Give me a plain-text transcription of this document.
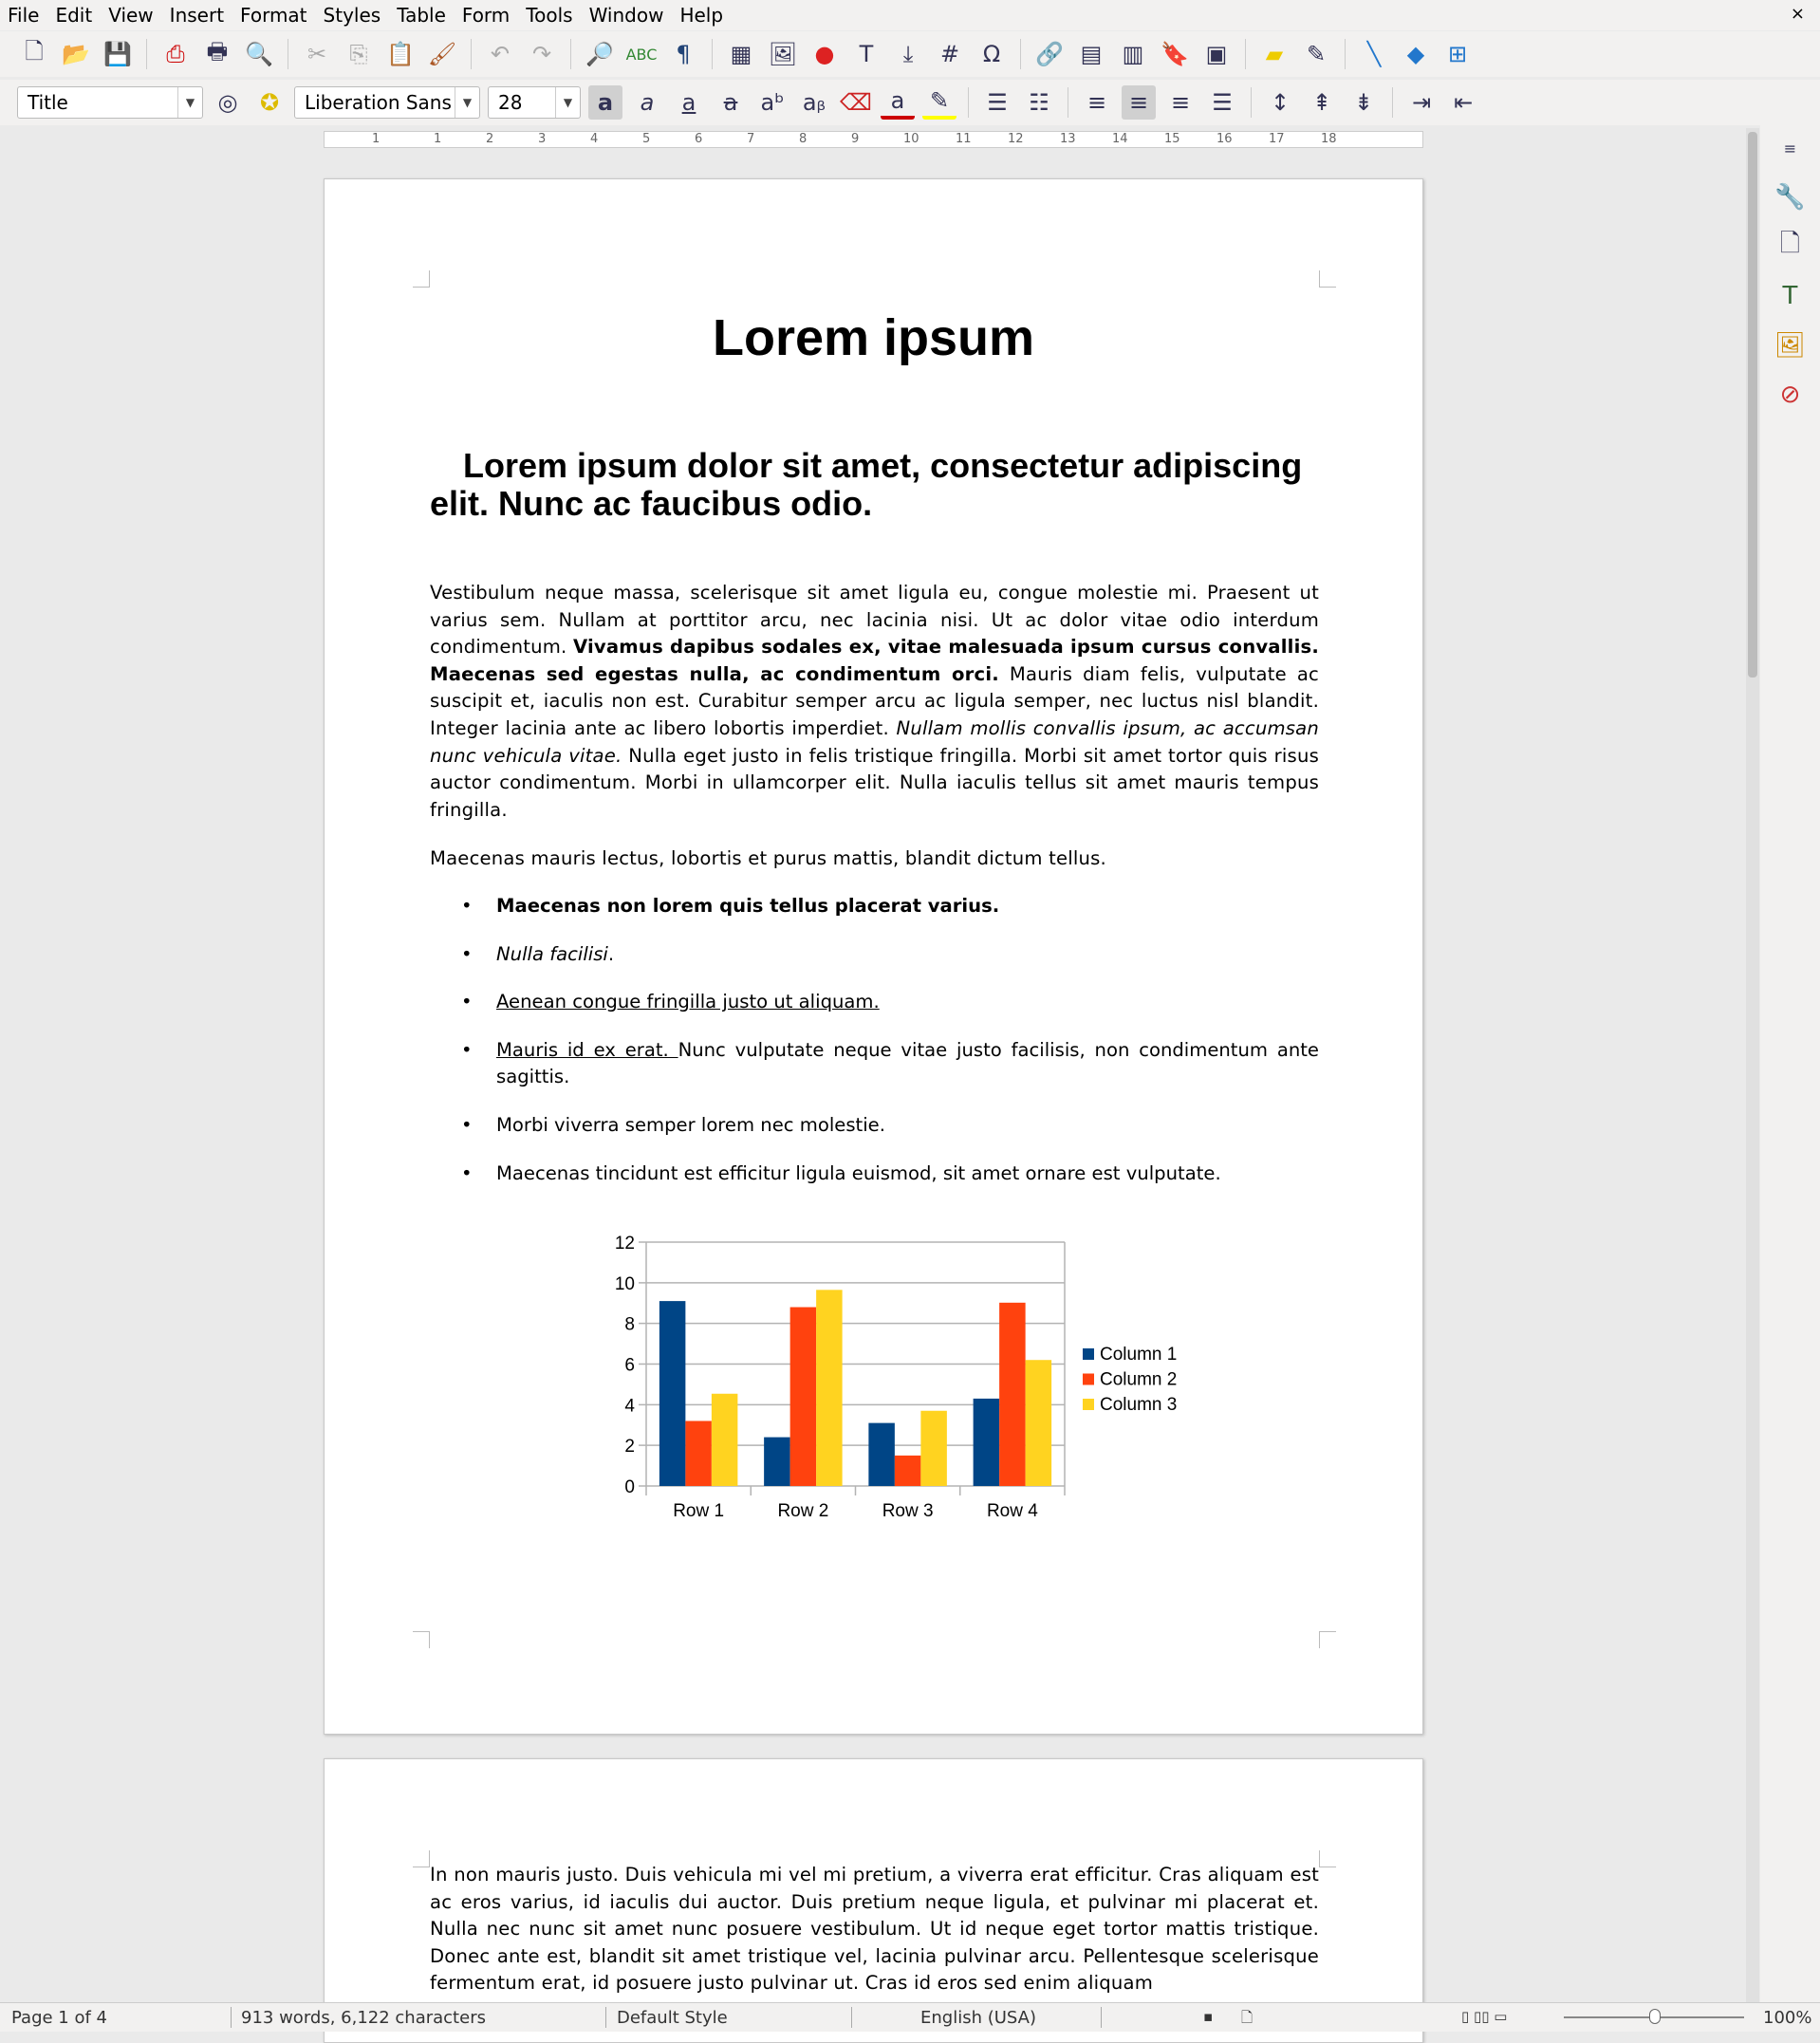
File Edit View Insert Format Styles Table Form Tools Window Help	×
🗋 📂 💾	⎙ 🖶 🔍	✂	⎘ 📋 🖌	↶ ↷	🔎 ABC ¶	▦ 🖼 ●	T	⤓	#	Ω	🔗 ▤ ▥ 🔖 ▣	▰	✎	╲	◆	⊞
Title	▼	◎ ✪	Liberation Sans ▼	28	▼	a	a	a	a	aᵇ aᵦ ⌫ a	✎	☰ ☷	≡ ≡ ≡ ☰	↕ ⇞ ⇟	⇥ ⇤
1	1	2	3	4	5	6	7	8	9	10	11	12	13	14	15	16	17	18
Lorem ipsum
Lorem ipsum dolor sit amet, consectetur adipiscing elit. Nunc ac faucibus odio.
Vestibulum neque massa, scelerisque sit amet ligula eu, congue molestie mi. Praesent ut varius sem. Nullam at porttitor arcu, nec lacinia nisi. Ut ac dolor vitae odio interdum condimentum. Vivamus dapibus sodales ex, vitae malesuada ipsum cursus convallis. Maecenas sed egestas nulla, ac condimentum orci. Mauris diam felis, vulputate ac suscipit et, iaculis non est. Curabitur semper arcu ac ligula semper, nec luctus nisl blandit. Integer lacinia ante ac libero lobortis imperdiet. Nullam mollis convallis ipsum, ac accumsan nunc vehicula vitae. Nulla eget justo in felis tristique fringilla. Morbi sit amet tortor quis risus auctor condimentum. Morbi in ullamcorper elit. Nulla iaculis tellus sit amet mauris tempus fringilla.
Maecenas mauris lectus, lobortis et purus mattis, blandit dictum tellus.
• Maecenas non lorem quis tellus placerat varius.
• Nulla facilisi.
• Aenean congue fringilla justo ut aliquam.
• Mauris id ex erat. Nunc vulputate neque vitae justo facilisis, non condimentum ante sagittis.
• Morbi viverra semper lorem nec molestie.
• Maecenas tincidunt est efficitur ligula euismod, sit amet ornare est vulputate.
0
2
4
6
8
10
12
Row 1	Row 2	Row 3	Row 4
Column 1
Column 2
Column 3
In non mauris justo. Duis vehicula mi vel mi pretium, a viverra erat efficitur. Cras aliquam est ac eros varius, id iaculis dui auctor. Duis pretium neque ligula, et pulvinar mi placerat et. Nulla nec nunc sit amet nunc posuere vestibulum. Ut id neque eget tortor mattis tristique. Donec ante est, blandit sit amet tristique vel, lacinia pulvinar arcu. Pellentesque scelerisque fermentum erat, id posuere justo pulvinar ut. Cras id eros sed enim aliquam
≡
🔧
🗋
T
🖼
⊘
Page 1 of 4	913 words, 6,122 characters	Default Style	English (USA)	▪ 🗋	▯ ▯▯ ▭	100%
